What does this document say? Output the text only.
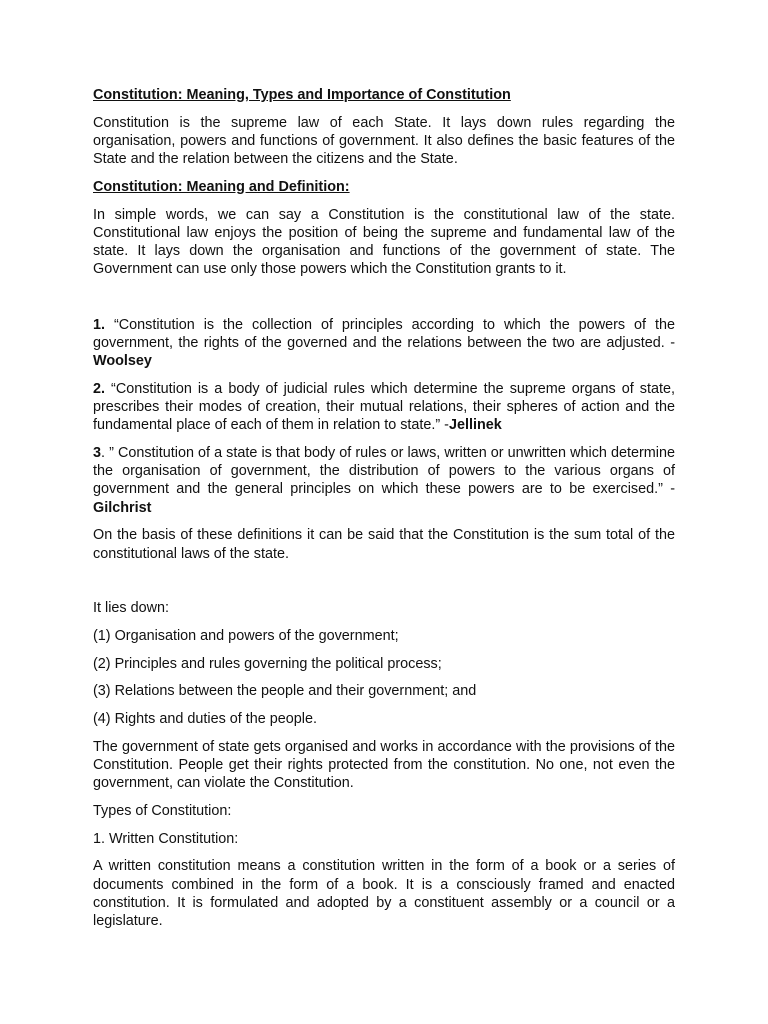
Constitution: Meaning, Types and Importance of Constitution

Constitution is the supreme law of each State. It lays down rules regarding the organisation, powers and functions of government. It also defines the basic features of the State and the relation between the citizens and the State.

Constitution: Meaning and Definition:

In simple words, we can say a Constitution is the constitutional law of the state. Constitutional law enjoys the position of being the supreme and fundamental law of the state. It lays down the organisation and functions of the government of state. The Government can use only those powers which the Constitution grants to it.

1. “Constitution is the collection of principles according to which the powers of the government, the rights of the governed and the relations between the two are adjusted. -Woolsey

2. “Constitution is a body of judicial rules which determine the supreme organs of state, prescribes their modes of creation, their mutual relations, their spheres of action and the fundamental place of each of them in relation to state.” -Jellinek

3. ” Constitution of a state is that body of rules or laws, written or unwritten which determine the organisation of government, the distribution of powers to the various organs of government and the general principles on which these powers are to be exercised.” -Gilchrist

On the basis of these definitions it can be said that the Constitution is the sum total of the constitutional laws of the state.

It lies down:

(1) Organisation and powers of the government;

(2) Principles and rules governing the political process;

(3) Relations between the people and their government; and

(4) Rights and duties of the people.

The government of state gets organised and works in accordance with the provisions of the Constitution. People get their rights protected from the constitution. No one, not even the government, can violate the Constitution.

Types of Constitution:

1. Written Constitution:

A written constitution means a constitution written in the form of a book or a series of documents combined in the form of a book. It is a consciously framed and enacted constitution. It is formulated and adopted by a constituent assembly or a council or a legislature.
